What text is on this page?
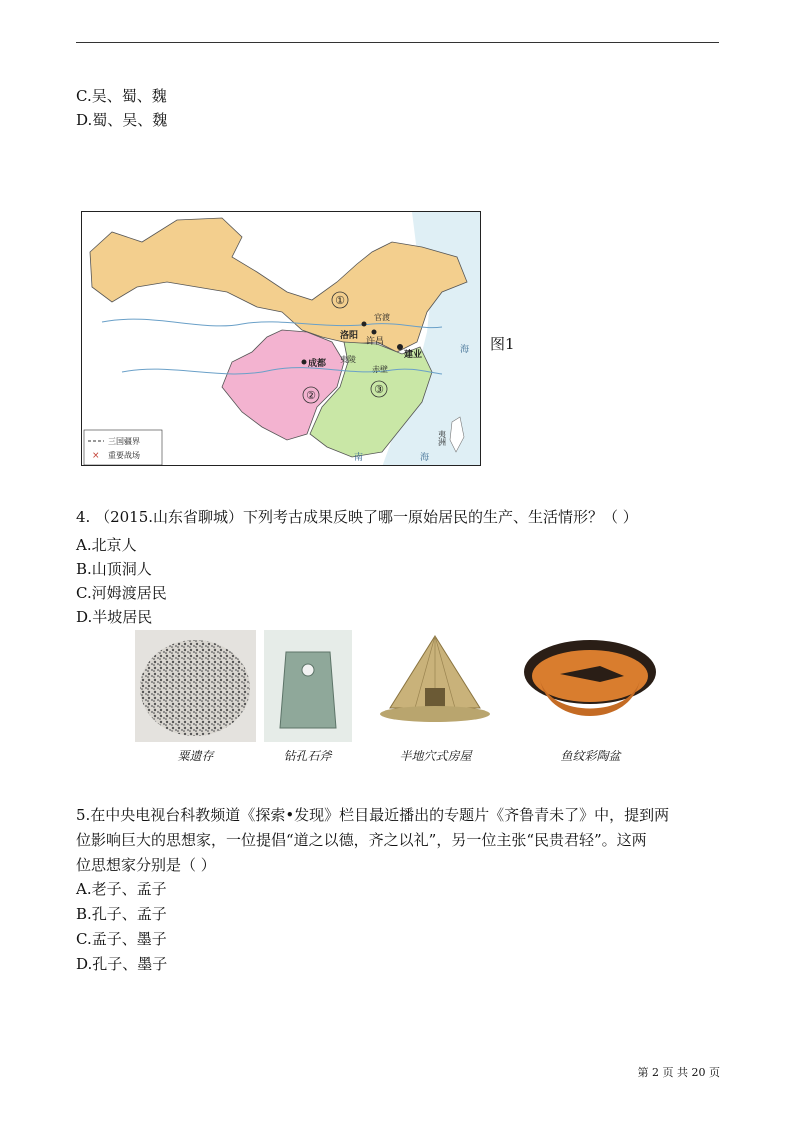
C.吴、蜀、魏
D.蜀、吴、魏
①
②	③
洛阳
许昌
成都
建业
官渡
赤壁
夷陵
海
南	海
夷洲
三国疆界
× 重要战场
图1
4. （2015.山东省聊城）下列考古成果反映了哪一原始居民的生产、生活情形？（ ）
A.北京人
B.山顶洞人
C.河姆渡居民
D.半坡居民
粟遗存	钻孔石斧	半地穴式房屋	鱼纹彩陶盆
5.在中央电视台科教频道《探索•发现》栏目最近播出的专题片《齐鲁青未了》中，提到两
位影响巨大的思想家，一位提倡“道之以德，齐之以礼”，另一位主张“民贵君轻”。这两
位思想家分别是（ ）
A.老子、孟子
B.孔子、孟子
C.孟子、墨子
D.孔子、墨子
第 2 页 共 20 页
